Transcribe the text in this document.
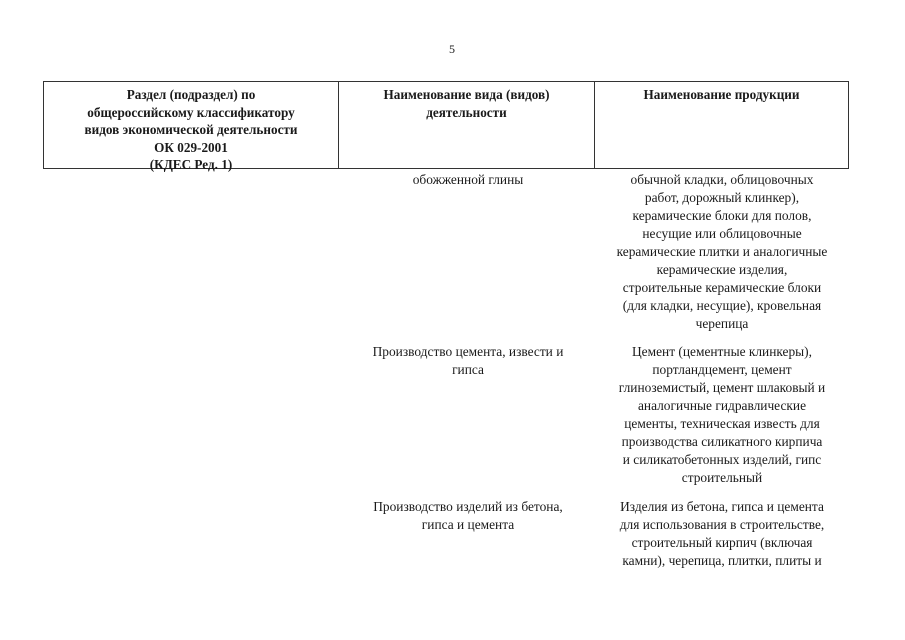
5
Раздел (подраздел) по
общероссийскому классификатору
видов экономической деятельности
ОК 029-2001
(КДЕС Ред. 1)
Наименование вида (видов)
деятельности
Наименование продукции
обожженной глины	обычной кладки, облицовочных
работ, дорожный клинкер),
керамические блоки для полов,
несущие или облицовочные
керамические плитки и аналогичные
керамические изделия,
строительные керамические блоки
(для кладки, несущие), кровельная
черепица
Производство цемента, извести и
гипса
Цемент (цементные клинкеры),
портландцемент, цемент
глиноземистый, цемент шлаковый и
аналогичные гидравлические
цементы, техническая известь для
производства силикатного кирпича
и силикатобетонных изделий, гипс
строительный
Производство изделий из бетона,
гипса и цемента
Изделия из бетона, гипса и цемента
для использования в строительстве,
строительный кирпич (включая
камни), черепица, плитки, плиты и
